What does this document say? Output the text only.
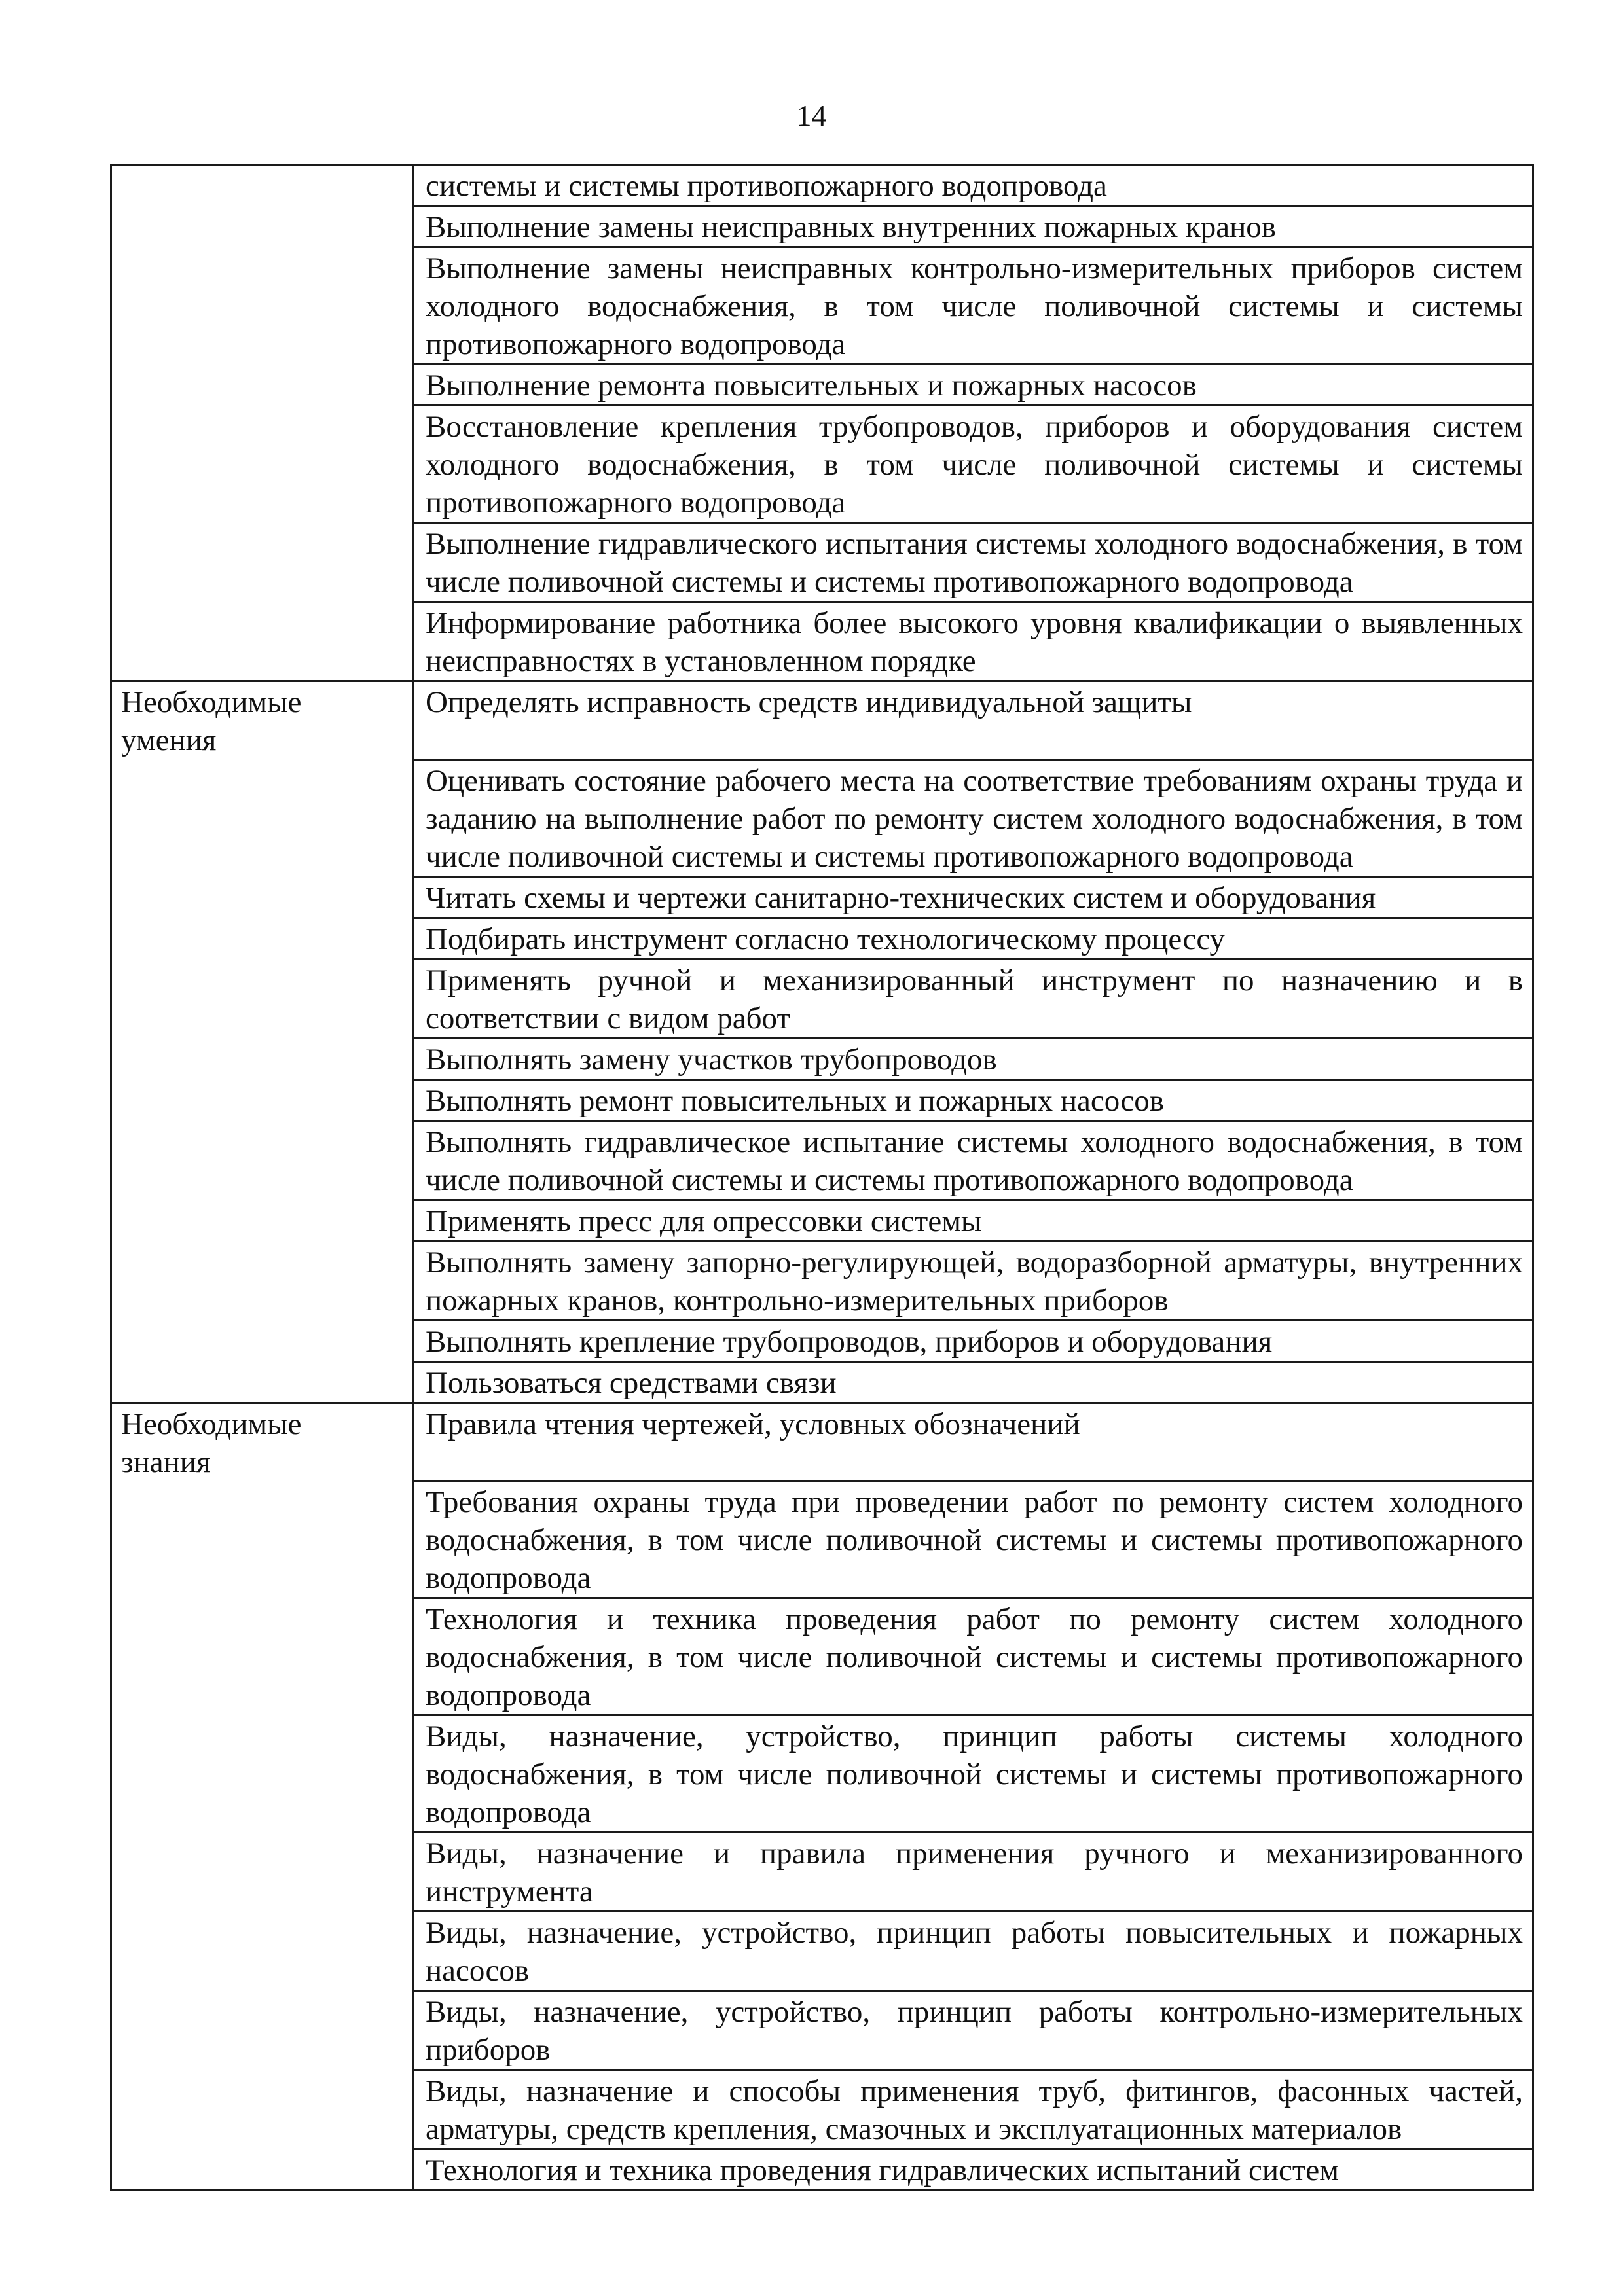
14
	системы и системы противопожарного водопровода
	Выполнение замены неисправных внутренних пожарных кранов
	Выполнение замены неисправных контрольно-измерительных приборов систем холодного водоснабжения, в том числе поливочной системы и системы противопожарного водопровода
	Выполнение ремонта повысительных и пожарных насосов
	Восстановление крепления трубопроводов, приборов и оборудования систем холодного водоснабжения, в том числе поливочной системы и системы противопожарного водопровода
	Выполнение гидравлического испытания системы холодного водоснабжения, в том числе поливочной системы и системы противопожарного водопровода
	Информирование работника более высокого уровня квалификации о выявленных неисправностях в установленном порядке

Необходимые умения	Определять исправность средств индивидуальной защиты
	Оценивать состояние рабочего места на соответствие требованиям охраны труда и заданию на выполнение работ по ремонту систем холодного водоснабжения, в том числе поливочной системы и системы противопожарного водопровода
	Читать схемы и чертежи санитарно-технических систем и оборудования
	Подбирать инструмент согласно технологическому процессу
	Применять ручной и механизированный инструмент по назначению и в соответствии с видом работ
	Выполнять замену участков трубопроводов
	Выполнять ремонт повысительных и пожарных насосов
	Выполнять гидравлическое испытание системы холодного водоснабжения, в том числе поливочной системы и системы противопожарного водопровода
	Применять пресс для опрессовки системы
	Выполнять замену запорно-регулирующей, водоразборной арматуры, внутренних пожарных кранов, контрольно-измерительных приборов
	Выполнять крепление трубопроводов, приборов и оборудования
	Пользоваться средствами связи

Необходимые знания	Правила чтения чертежей, условных обозначений
	Требования охраны труда при проведении работ по ремонту систем холодного водоснабжения, в том числе поливочной системы и системы противопожарного водопровода
	Технология и техника проведения работ по ремонту систем холодного водоснабжения, в том числе поливочной системы и системы противопожарного водопровода
	Виды, назначение, устройство, принцип работы системы холодного водоснабжения, в том числе поливочной системы и системы противопожарного водопровода
	Виды, назначение и правила применения ручного и механизированного инструмента
	Виды, назначение, устройство, принцип работы повысительных и пожарных насосов
	Виды, назначение, устройство, принцип работы контрольно-измерительных приборов
	Виды, назначение и способы применения труб, фитингов, фасонных частей, арматуры, средств крепления, смазочных и эксплуатационных материалов
	Технология и техника проведения гидравлических испытаний систем
